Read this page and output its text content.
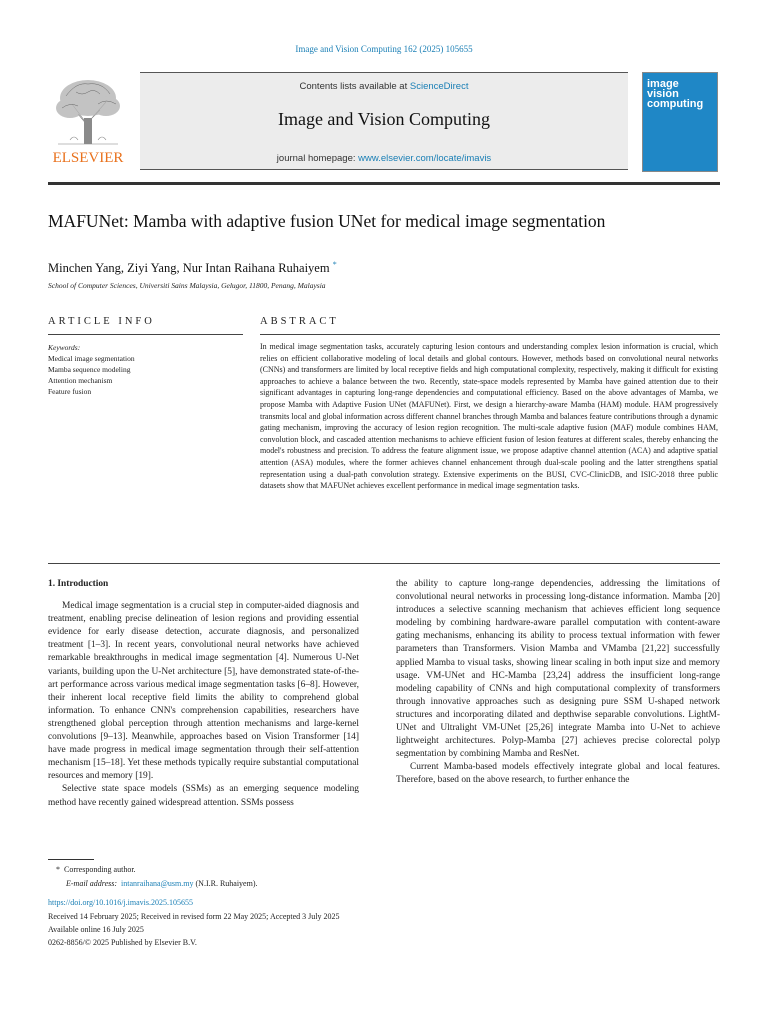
Image and Vision Computing 162 (2025) 105655
ELSEVIER
Contents lists available at ScienceDirect
Image and Vision Computing
journal homepage: www.elsevier.com/locate/imavis
image
vision
computing
MAFUNet: Mamba with adaptive fusion UNet for medical image segmentation
Minchen Yang, Ziyi Yang, Nur Intan Raihana Ruhaiyem *
School of Computer Sciences, Universiti Sains Malaysia, Gelugor, 11800, Penang, Malaysia
ARTICLE INFO
Keywords:
Medical image segmentation
Mamba sequence modeling
Attention mechanism
Feature fusion
ABSTRACT
In medical image segmentation tasks, accurately capturing lesion contours and understanding complex lesion information is crucial, which relies on efficient collaborative modeling of local details and global contours. However, methods based on convolutional neural networks (CNNs) and transformers are limited by local receptive fields and high computational complexity, respectively, making it difficult for existing approaches to achieve a balance between the two. Recently, state-space models represented by Mamba have gained attention due to their significant advantages in capturing long-range dependencies and computational efficiency. Based on the above advantages of Mamba, we propose Mamba with Adaptive Fusion UNet (MAFUNet). First, we design a hierarchy-aware Mamba (HAM) module. HAM progressively transmits local and global information across different channel branches through Mamba and balances feature contributions through a dynamic gating mechanism, improving the accuracy of lesion region recognition. The multi-scale adaptive fusion (MAF) module combines HAM, convolution block, and cascaded attention mechanisms to achieve efficient fusion of lesion features at different scales, thereby enhancing the model's robustness and precision. To address the feature alignment issue, we propose adaptive channel attention (ACA) and adaptive spatial attention (ASA) modules, where the former achieves channel enhancement through dual-scale pooling and the latter strengthens spatial representation using a dual-path convolution strategy. Extensive experiments on the BUSI, CVC-ClinicDB, and ISIC-2018 three public datasets show that MAFUNet achieves excellent performance in medical image segmentation tasks.

1. Introduction

Medical image segmentation is a crucial step in computer-aided diagnosis and treatment, enabling precise delineation of lesion regions and providing essential evidence for early disease detection, accurate diagnosis, and personalized treatment [1–3]. In recent years, convolutional neural networks have achieved remarkable breakthroughs in medical image segmentation [4]. Numerous U-Net variants, building upon the U-Net architecture [5], have demonstrated state-of-the-art performance across various medical image segmentation tasks [6–8]. However, their inherent local receptive field limits the ability to comprehend global information. To enhance CNN's comprehension capabilities, researchers have strengthened global perception through attention mechanisms and large-kernel convolutions [9–13]. Meanwhile, approaches based on Vision Transformer [14] have made progress in medical image segmentation through their self-attention mechanism [15–18]. Yet these methods typically require substantial computational resources and memory [19].

Selective state space models (SSMs) as an emerging sequence modeling method have recently gained widespread attention. SSMs possess

the ability to capture long-range dependencies, addressing the limitations of convolutional neural networks in processing long-distance information. Mamba [20] introduces a selective scanning mechanism that achieves efficient long sequence modeling by combining hardware-aware parallel computation with content-aware gating mechanisms, enhancing its ability to process textual information with fewer parameters than Transformers. Vision Mamba and VMamba [21,22] successfully applied Mamba to visual tasks, showing linear scaling in both input size and memory usage. VM-UNet and HC-Mamba [23,24] address the insufficient long-range modeling capability of CNNs and high computational complexity of transformers through innovative approaches such as designing pure SSM U-shaped network structures and incorporating dilated and depthwise separable convolutions. LightM-UNet and Ultralight VM-UNet [25,26] integrate Mamba into U-Net to achieve lightweight architectures. Polyp-Mamba [27] achieves precise colorectal polyp segmentation by combining Mamba and ResNet.

Current Mamba-based models effectively integrate global and local features. Therefore, based on the above research, to further enhance the

* Corresponding author.
E-mail address: intanraihana@usm.my (N.I.R. Ruhaiyem).
https://doi.org/10.1016/j.imavis.2025.105655
Received 14 February 2025; Received in revised form 22 May 2025; Accepted 3 July 2025
Available online 16 July 2025
0262-8856/© 2025 Published by Elsevier B.V.
